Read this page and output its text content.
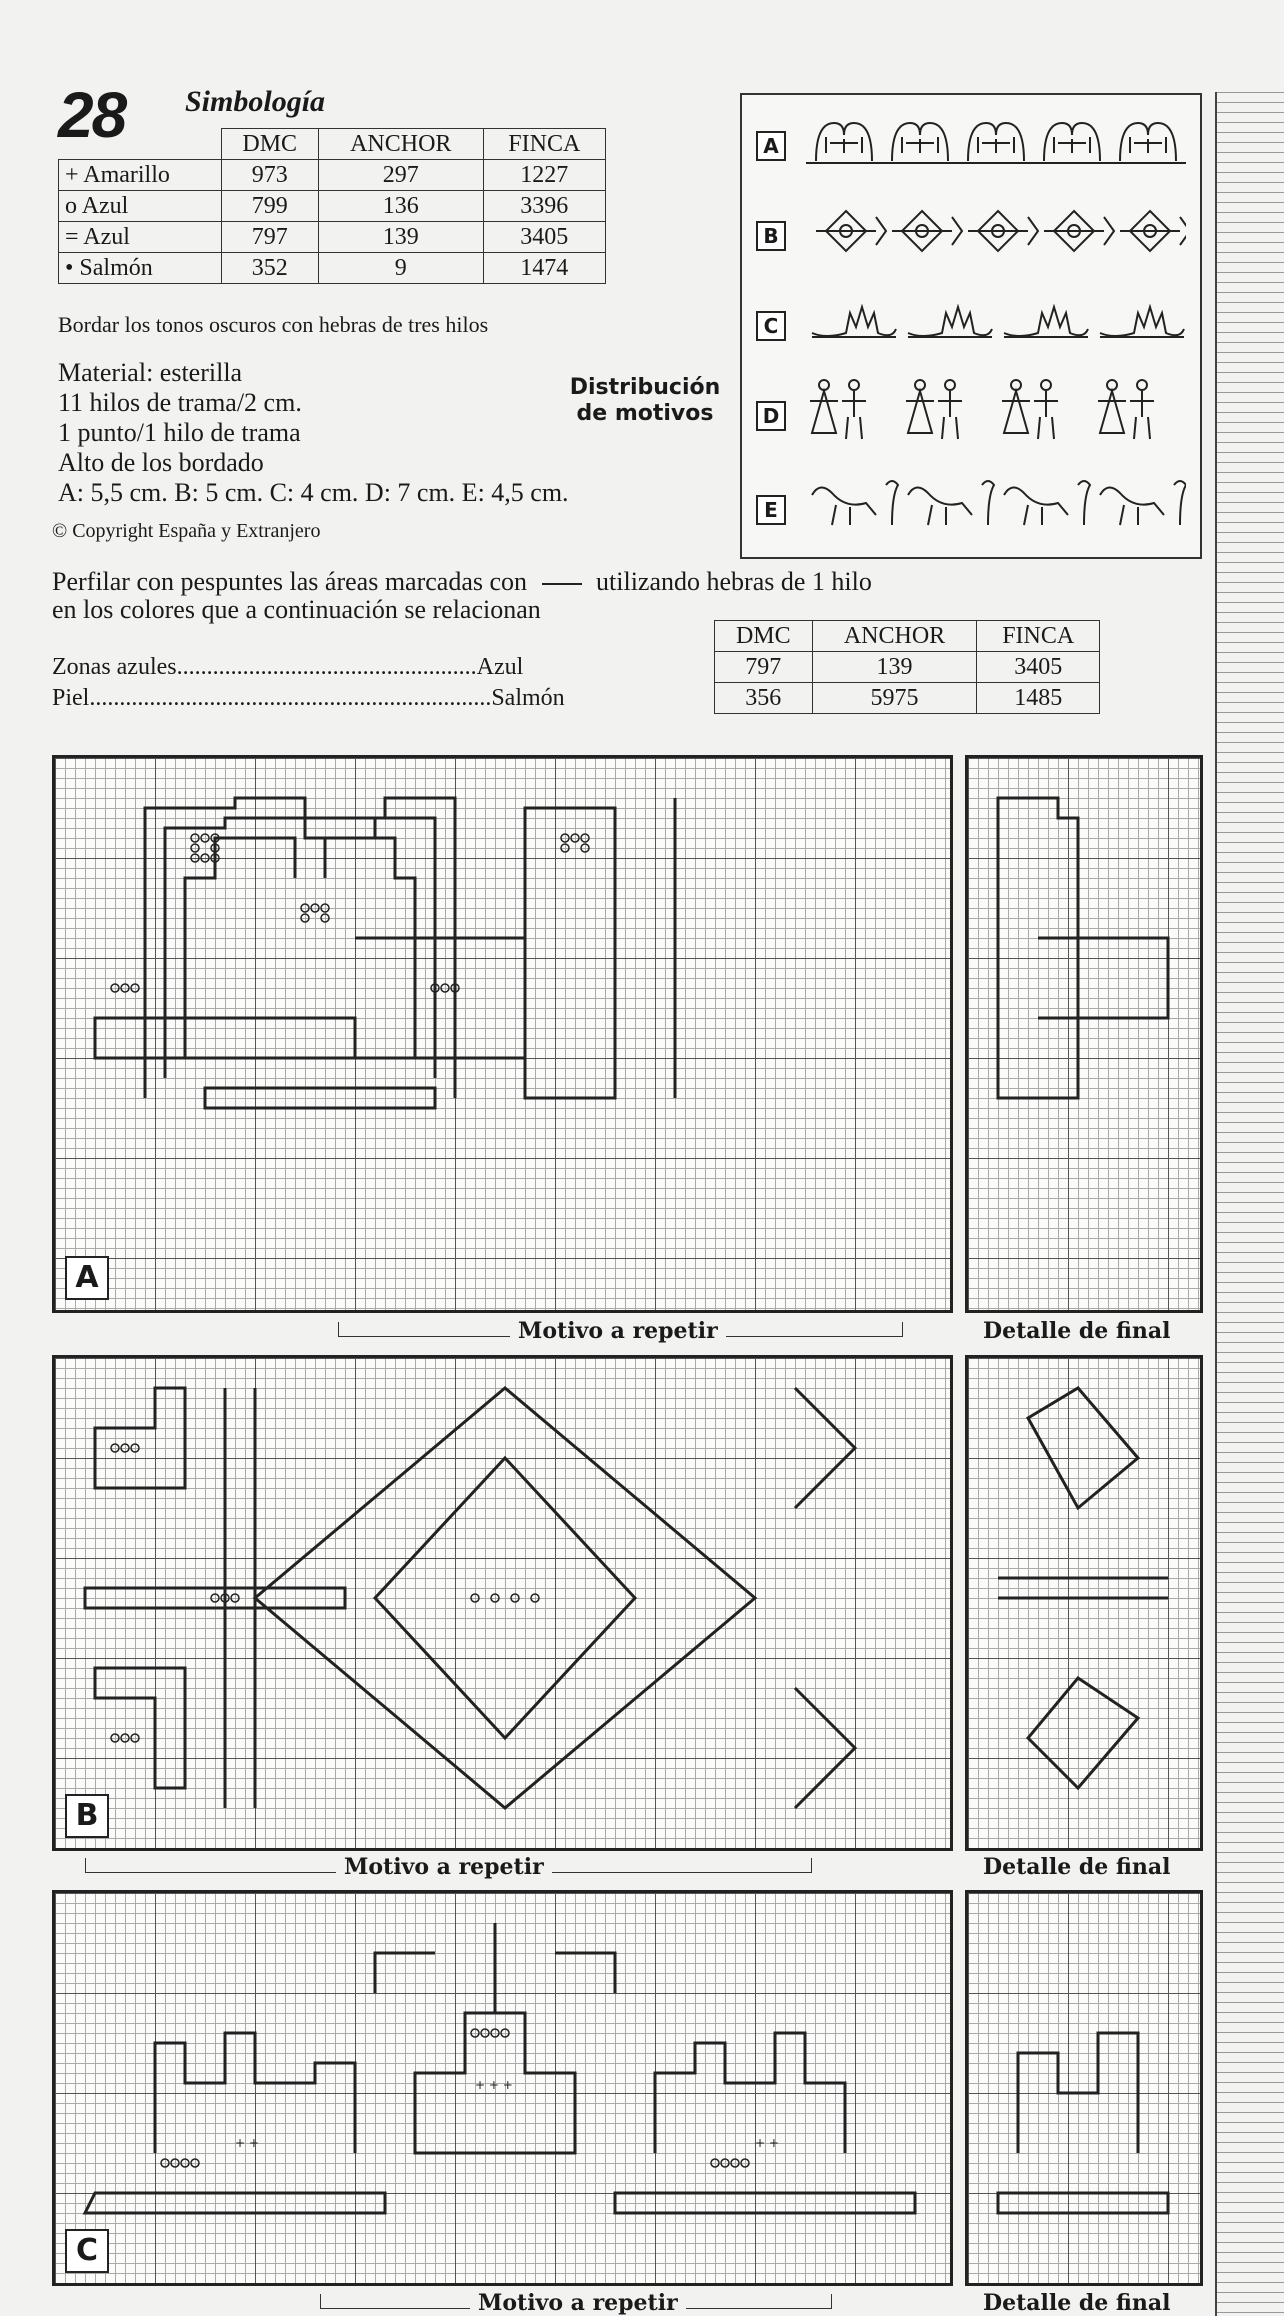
28 Simbología
	DMC	ANCHOR	FINCA
+ Amarillo	973	297	1227
o Azul	799	136	3396
= Azul	797	139	3405
• Salmón	352	9	1474
Bordar los tonos oscuros con hebras de tres hilos
Material: esterilla
11 hilos de trama/2 cm.
1 punto/1 hilo de trama
Alto de los bordado
A: 5,5 cm. B: 5 cm. C: 4 cm. D: 7 cm. E: 4,5 cm.
© Copyright España y Extranjero
Distribución
de motivos
A
B
C
D
E
Perfilar con pespuntes las áreas marcadas con	utilizando hebras de 1 hilo
en los colores que a continuación se relacionan
	DMC	ANCHOR	FINCA
Zonas azules..................................................Azul	797	139	3405
Piel...................................................................Salmón	356	5975	1485
A
Motivo a repetir	Detalle de final
B
Motivo a repetir	Detalle de final
+ +
+ + +
+ +
C
Motivo a repetir	Detalle de final
